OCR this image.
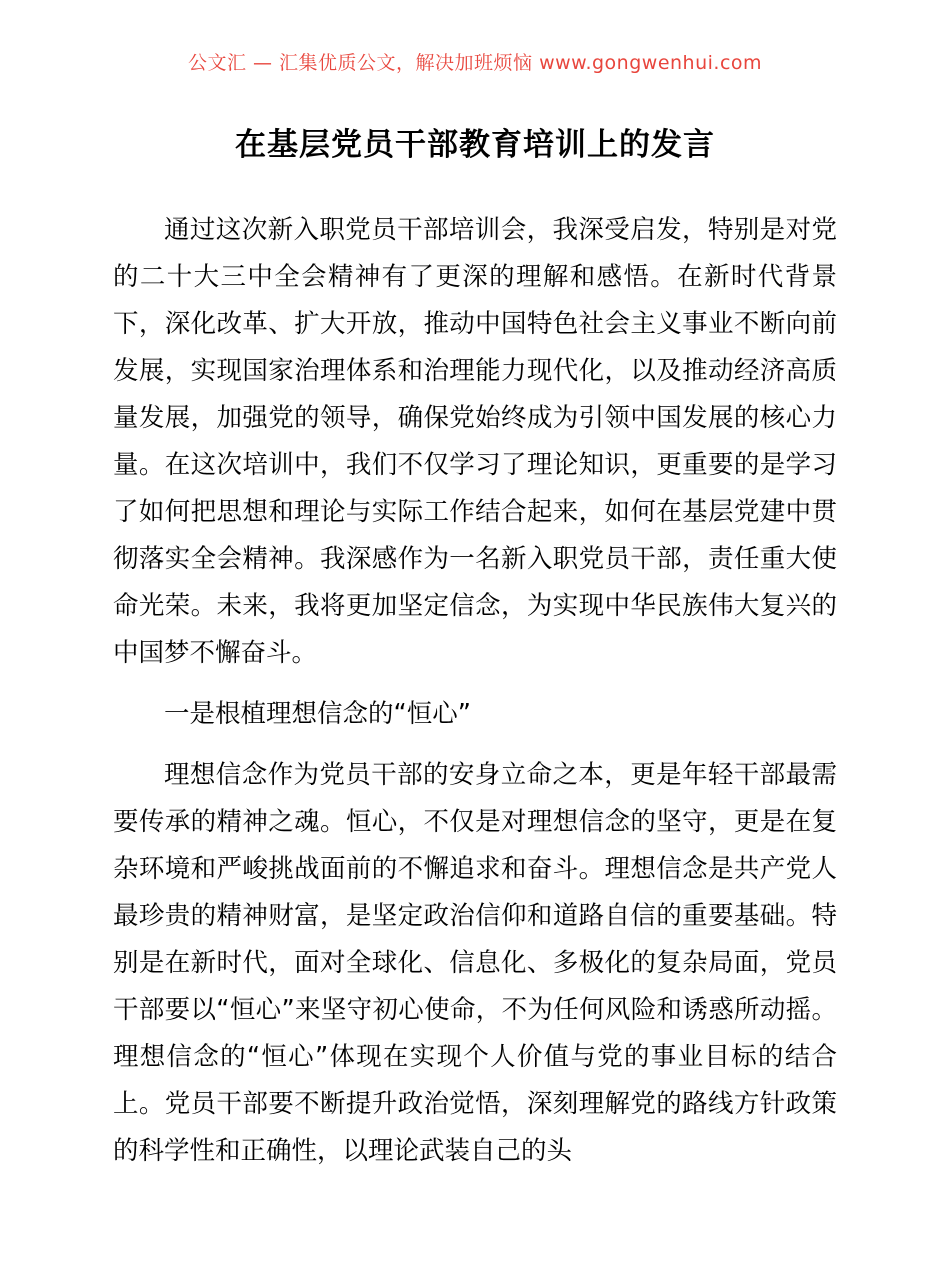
公文汇 — 汇集优质公文，解决加班烦恼 www.gongwenhui.com
在基层党员干部教育培训上的发言

通过这次新入职党员干部培训会，我深受启发，特别是对党的二十大三中全会精神有了更深的理解和感悟。在新时代背景下，深化改革、扩大开放，推动中国特色社会主义事业不断向前发展，实现国家治理体系和治理能力现代化，以及推动经济高质量发展，加强党的领导，确保党始终成为引领中国发展的核心力量。在这次培训中，我们不仅学习了理论知识，更重要的是学习了如何把思想和理论与实际工作结合起来，如何在基层党建中贯彻落实全会精神。我深感作为一名新入职党员干部，责任重大使命光荣。未来，我将更加坚定信念，为实现中华民族伟大复兴的中国梦不懈奋斗。

一是根植理想信念的“恒心”

理想信念作为党员干部的安身立命之本，更是年轻干部最需要传承的精神之魂。恒心，不仅是对理想信念的坚守，更是在复杂环境和严峻挑战面前的不懈追求和奋斗。理想信念是共产党人最珍贵的精神财富，是坚定政治信仰和道路自信的重要基础。特别是在新时代，面对全球化、信息化、多极化的复杂局面，党员干部要以“恒心”来坚守初心使命，不为任何风险和诱惑所动摇。理想信念的“恒心”体现在实现个人价值与党的事业目标的结合上。党员干部要不断提升政治觉悟，深刻理解党的路线方针政策的科学性和正确性，以理论武装自己的头
